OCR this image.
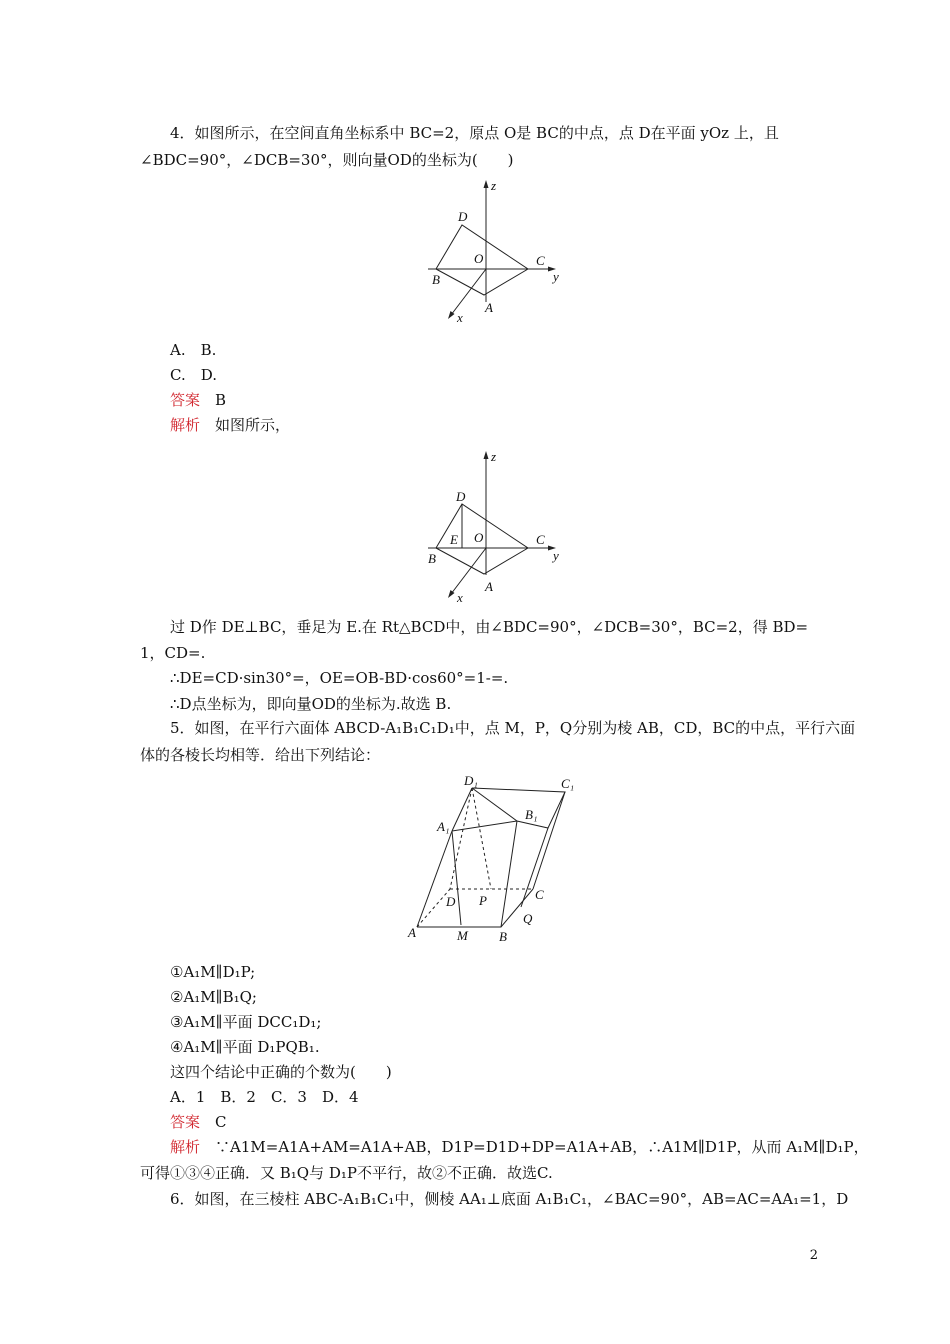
4．如图所示，在空间直角坐标系中 BC=2，原点 O是 BC的中点，点 D在平面 yOz 上，且
∠BDC=90°，∠DCB=30°，则向量OD的坐标为(　　)
z
y
x
D
O	C
B
A
A.　B.
C.　D.
答案　 B
解析　 如图所示，
z
y
x
D
E O	C
B
A
过 D作 DE⊥BC，垂足为 E.在 Rt△BCD中，由∠BDC=90°，∠DCB=30°，BC=2，得 BD=
1，CD=.
∴DE=CD·sin30°=，OE=OB-BD·cos60°=1-=.
∴D点坐标为，即向量OD的坐标为.故选 B.
5．如图，在平行六面体 ABCD-A₁B₁C₁D₁中，点 M，P，Q分别为棱 AB，CD，BC的中点，平行六面
体的各棱长均相等．给出下列结论：
D₁	C₁
B₁
A₁
D P	C
Q
A	M B
①A₁M∥D₁P;
②A₁M∥B₁Q;
③A₁M∥平面 DCC₁D₁;
④A₁M∥平面 D₁PQB₁.
这四个结论中正确的个数为(　　)
A．1　B．2　C．3　D．4
答案　 C
解析　 ∵A1M=A1A+AM=A1A+AB，D1P=D1D+DP=A1A+AB，∴A1M∥D1P，从而 A₁M∥D₁P，
可得①③④正确．又 B₁Q与 D₁P不平行，故②不正确．故选C.
6．如图，在三棱柱 ABC-A₁B₁C₁中，侧棱 AA₁⊥底面 A₁B₁C₁，∠BAC=90°，AB=AC=AA₁=1，D
2
